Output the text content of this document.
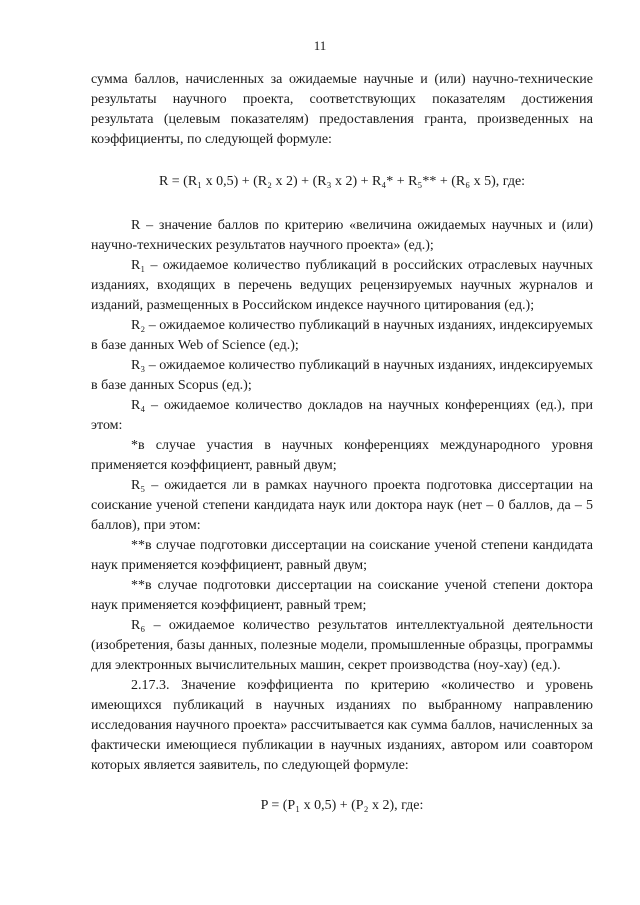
11

сумма баллов, начисленных за ожидаемые научные и (или) научно-технические результаты научного проекта, соответствующих показателям достижения результата (целевым показателям) предоставления гранта, произведенных на коэффициенты, по следующей формуле:

R = (R₁ x 0,5) + (R₂ x 2) + (R₃ x 2) + R₄* + R₅** + (R₆ x 5), где:

R – значение баллов по критерию «величина ожидаемых научных и (или) научно-технических результатов научного проекта» (ед.);

R₁ – ожидаемое количество публикаций в российских отраслевых научных изданиях, входящих в перечень ведущих рецензируемых научных журналов и изданий, размещенных в Российском индексе научного цитирования (ед.);

R₂ – ожидаемое количество публикаций в научных изданиях, индексируемых в базе данных Web of Science (ед.);

R₃ – ожидаемое количество публикаций в научных изданиях, индексируемых в базе данных Scopus (ед.);

R₄ – ожидаемое количество докладов на научных конференциях (ед.), при этом:

*в случае участия в научных конференциях международного уровня применяется коэффициент, равный двум;

R₅ – ожидается ли в рамках научного проекта подготовка диссертации на соискание ученой степени кандидата наук или доктора наук (нет – 0 баллов, да – 5 баллов), при этом:

**в случае подготовки диссертации на соискание ученой степени кандидата наук применяется коэффициент, равный двум;

**в случае подготовки диссертации на соискание ученой степени доктора наук применяется коэффициент, равный трем;

R₆ – ожидаемое количество результатов интеллектуальной деятельности (изобретения, базы данных, полезные модели, промышленные образцы, программы для электронных вычислительных машин, секрет производства (ноу-хау) (ед.).

2.17.3. Значение коэффициента по критерию «количество и уровень имеющихся публикаций в научных изданиях по выбранному направлению исследования научного проекта» рассчитывается как сумма баллов, начисленных за фактически имеющиеся публикации в научных изданиях, автором или соавтором которых является заявитель, по следующей формуле:

P = (P₁ x 0,5) + (P₂ x 2), где:
